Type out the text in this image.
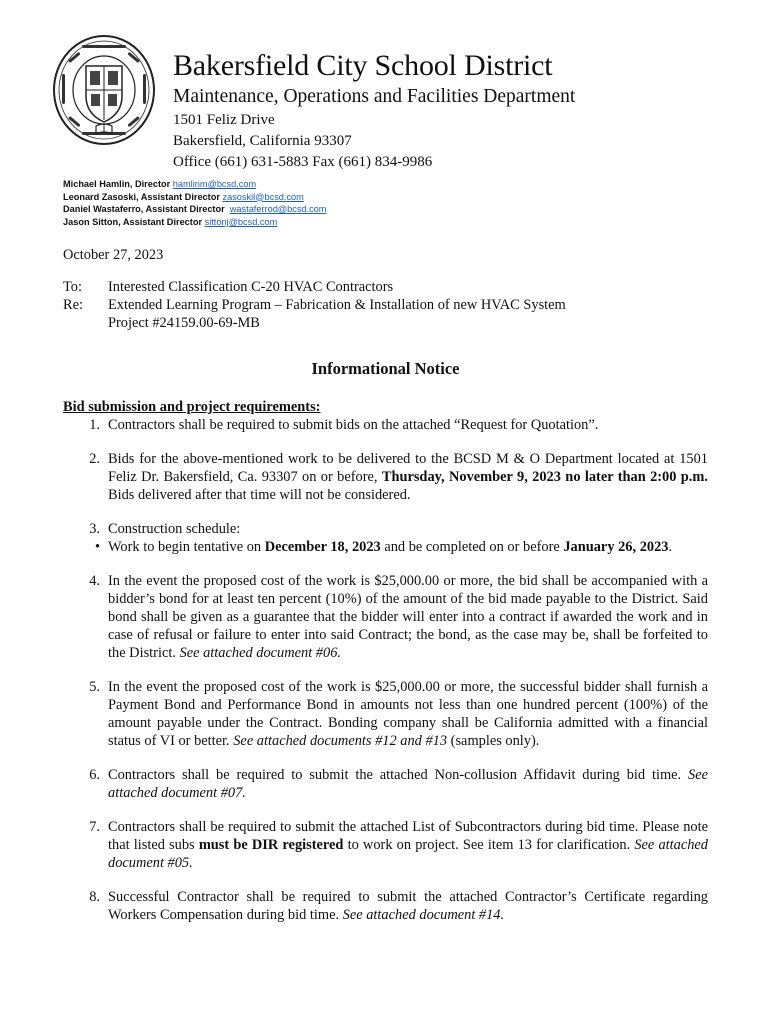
Bakersfield City School District
Maintenance, Operations and Facilities Department
1501 Feliz Drive
Bakersfield, California 93307
Office (661) 631-5883 Fax (661) 834-9986
Michael Hamlin, Director hamlinm@bcsd.com
Leonard Zasoski, Assistant Director zasoskil@bcsd.com
Daniel Wastaferro, Assistant Director wastaferrod@bcsd.com
Jason Sitton, Assistant Director sittonj@bcsd.com

October 27, 2023

To:	Interested Classification C-20 HVAC Contractors
Re:	Extended Learning Program – Fabrication & Installation of new HVAC System
Project #24159.00-69-MB
Informational Notice
Bid submission and project requirements:
1. Contractors shall be required to submit bids on the attached “Request for Quotation”.
2. Bids for the above-mentioned work to be delivered to the BCSD M & O Department located at 1501 Feliz Dr. Bakersfield, Ca. 93307 on or before, Thursday, November 9, 2023 no later than 2:00 p.m. Bids delivered after that time will not be considered.
3. Construction schedule:
• Work to begin tentative on December 18, 2023 and be completed on or before January 26, 2023.
4. In the event the proposed cost of the work is $25,000.00 or more, the bid shall be accompanied with a bidder’s bond for at least ten percent (10%) of the amount of the bid made payable to the District. Said bond shall be given as a guarantee that the bidder will enter into a contract if awarded the work and in case of refusal or failure to enter into said Contract; the bond, as the case may be, shall be forfeited to the District. See attached document #06.
5. In the event the proposed cost of the work is $25,000.00 or more, the successful bidder shall furnish a Payment Bond and Performance Bond in amounts not less than one hundred percent (100%) of the amount payable under the Contract. Bonding company shall be California admitted with a financial status of VI or better. See attached documents #12 and #13 (samples only).
6. Contractors shall be required to submit the attached Non-collusion Affidavit during bid time. See attached document #07.
7. Contractors shall be required to submit the attached List of Subcontractors during bid time. Please note that listed subs must be DIR registered to work on project. See item 13 for clarification. See attached document #05.
8. Successful Contractor shall be required to submit the attached Contractor’s Certificate regarding Workers Compensation during bid time. See attached document #14.
